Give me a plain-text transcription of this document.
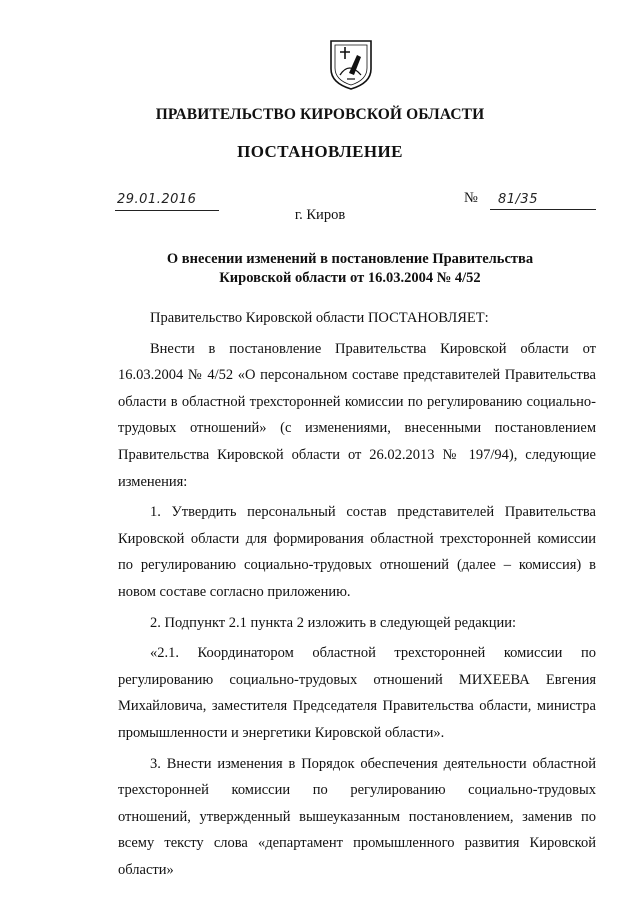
ПРАВИТЕЛЬСТВО КИРОВСКОЙ ОБЛАСТИ
ПОСТАНОВЛЕНИЕ
29.01.2016	№	81/35
г. Киров
О внесении изменений в постановление Правительства
Кировской области от 16.03.2004 № 4/52

Правительство Кировской области ПОСТАНОВЛЯЕТ:

Внести в постановление Правительства Кировской области от 16.03.2004 № 4/52 «О персональном составе представителей Правительства области в областной трехсторонней комиссии по регулированию социально-трудовых отношений» (с изменениями, внесенными постановлением Правительства Кировской области от 26.02.2013 № 197/94), следующие изменения:

1. Утвердить персональный состав представителей Правительства Кировской области для формирования областной трехсторонней комиссии по регулированию социально-трудовых отношений (далее – комиссия) в новом составе согласно приложению.

2. Подпункт 2.1 пункта 2 изложить в следующей редакции:

«2.1. Координатором областной трехсторонней комиссии по регулированию социально-трудовых отношений МИХЕЕВА Евгения Михайловича, заместителя Председателя Правительства области, министра промышленности и энергетики Кировской области».

3. Внести изменения в Порядок обеспечения деятельности областной трехсторонней комиссии по регулированию социально-трудовых отношений, утвержденный вышеуказанным постановлением, заменив по всему тексту слова «департамент промышленного развития Кировской области»
